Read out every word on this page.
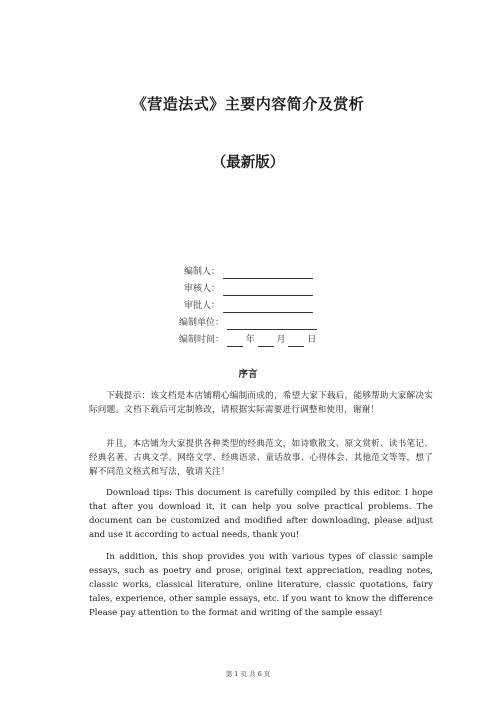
《营造法式》主要内容简介及赏析
（最新版）
编制人：
审核人：
审批人：
编制单位：
编制时间： 年 月 日
序言
下载提示：该文档是本店铺精心编制而成的，希望大家下载后，能够帮助大家解决实际问题。文档下载后可定制修改，请根据实际需要进行调整和使用，谢谢！
并且，本店铺为大家提供各种类型的经典范文，如诗歌散文、原文赏析、读书笔记、经典名著、古典文学、网络文学、经典语录、童话故事、心得体会、其他范文等等，想了解不同范文格式和写法，敬请关注！
Download tips: This document is carefully compiled by this editor. I hope that after you download it, it can help you solve practical problems. The document can be customized and modified after downloading, please adjust and use it according to actual needs, thank you!
In addition, this shop provides you with various types of classic sample essays, such as poetry and prose, original text appreciation, reading notes, classic works, classical literature, online literature, classic quotations, fairy tales, experience, other sample essays, etc. if you want to know the difference Please pay attention to the format and writing of the sample essay!
第 1 页 共 6 页
